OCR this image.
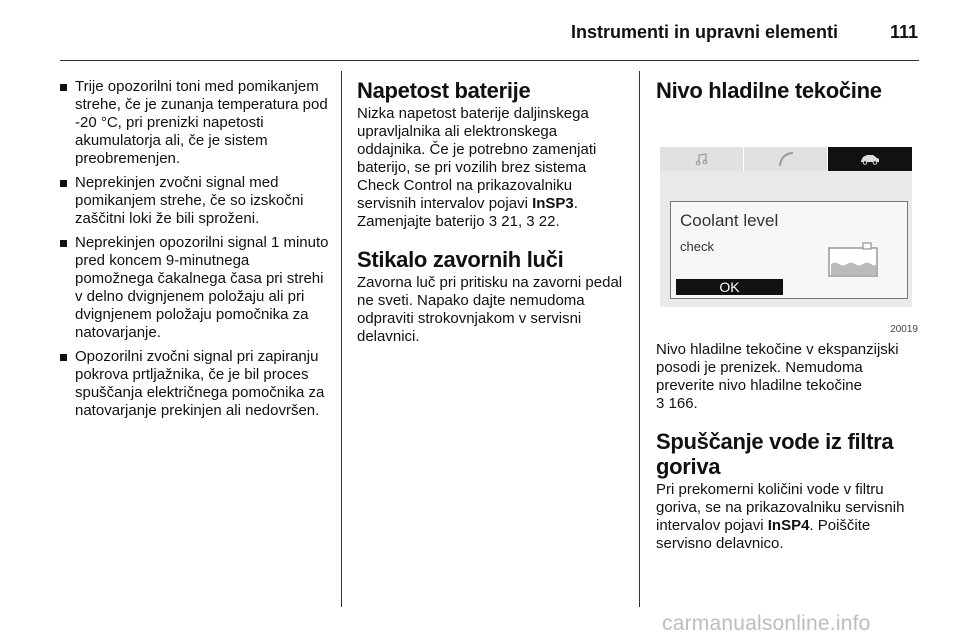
Instrumenti in upravni elementi	111
Trije opozorilni toni med pomikanjem strehe, če je zunanja temperatura pod -20 °C, pri prenizki napetosti akumulatorja ali, če je sistem preobremenjen.
Neprekinjen zvočni signal med pomikanjem strehe, če so izskočni zaščitni loki že bili sproženi.
Neprekinjen opozorilni signal 1 minuto pred koncem 9-minutnega pomožnega čakalnega časa pri strehi v delno dvignjenem položaju ali pri dvignjenem položaju pomočnika za natovarjanje.
Opozorilni zvočni signal pri zapiranju pokrova prtljažnika, če je bil proces spuščanja električnega pomočnika za natovarjanje prekinjen ali nedovršen.
Napetost baterije

Nizka napetost baterije daljinskega upravljalnika ali elektronskega oddajnika. Če je potrebno zamenjati baterijo, se pri vozilih brez sistema Check Control na prikazovalniku servisnih intervalov pojavi InSP3. Zamenjajte baterijo 3 21, 3 22.

Stikalo zavornih luči

Zavorna luč pri pritisku na zavorni pedal ne sveti. Napako dajte nemudoma odpraviti strokovnjakom v servisni delavnici.

Nivo hladilne tekočine
Coolant level
check
OK
20019

Nivo hladilne tekočine v ekspanzijski posodi je prenizek. Nemudoma preverite nivo hladilne tekočine
3 166.

Spuščanje vode iz filtra goriva

Pri prekomerni količini vode v filtru goriva, se na prikazovalniku servisnih intervalov pojavi InSP4. Poiščite servisno delavnico.

carmanualsonline.info
